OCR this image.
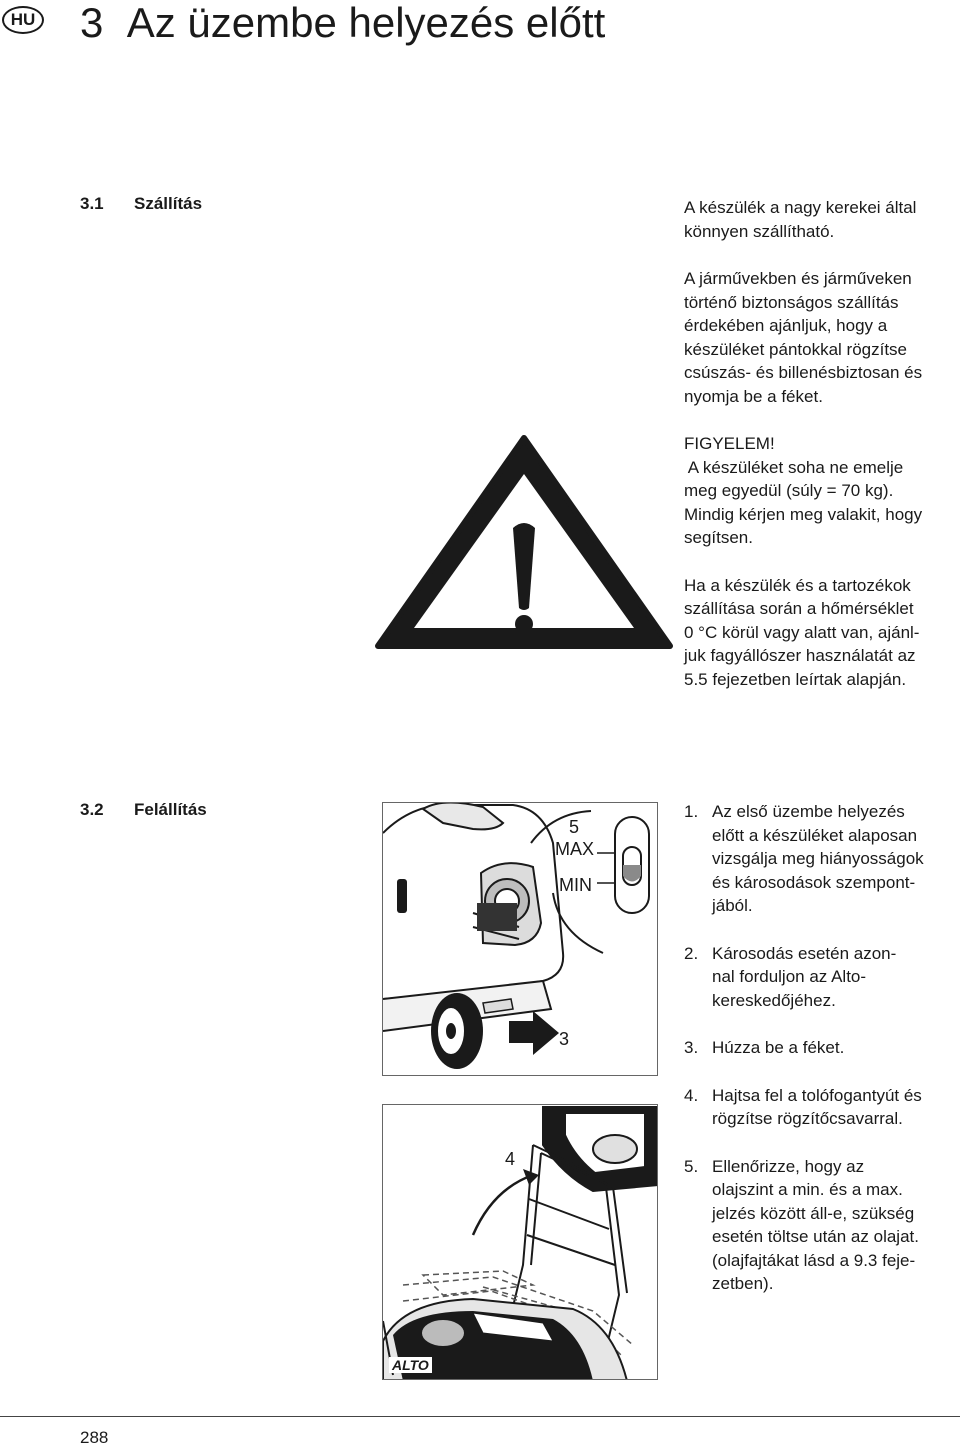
HU 3 Az üzembe helyezés előtt
3.1 Szállítás	A készülék a nagy kerekei által
könnyen szállítható.

A járművekben és járműveken
történő biztonságos szállítás
érdekében ajánljuk, hogy a
készüléket pántokkal rögzítse
csúszás- és billenésbiztosan és
nyomja be a féket.

FIGYELEM!
A készüléket soha ne emelje
meg egyedül (súly = 70 kg).
Mindig kérjen meg valakit, hogy
segítsen.

Ha a készülék és a tartozékok
szállítása során a hőmérséklet
0 °C körül vagy alatt van, ajánl-
juk fagyállószer használatát az
5.5 fejezetben leírtak alapján.

3.2 Felállítás
5
MAX
MIN
3
4
ALTO
1. Az első üzembe helyezés
előtt a készüléket alaposan
vizsgálja meg hiányosságok
és károsodások szempont-
jából.
2. Károsodás esetén azon-
nal forduljon az Alto-
kereskedőjéhez.
3. Húzza be a féket.
4. Hajtsa fel a tolófogantyút és
rögzítse rögzítőcsavarral.
5. Ellenőrizze, hogy az
olajszint a min. és a max.
jelzés között áll-e, szükség
esetén töltse után az olajat.
(olajfajtákat lásd a 9.3 feje-
zetben).
288
